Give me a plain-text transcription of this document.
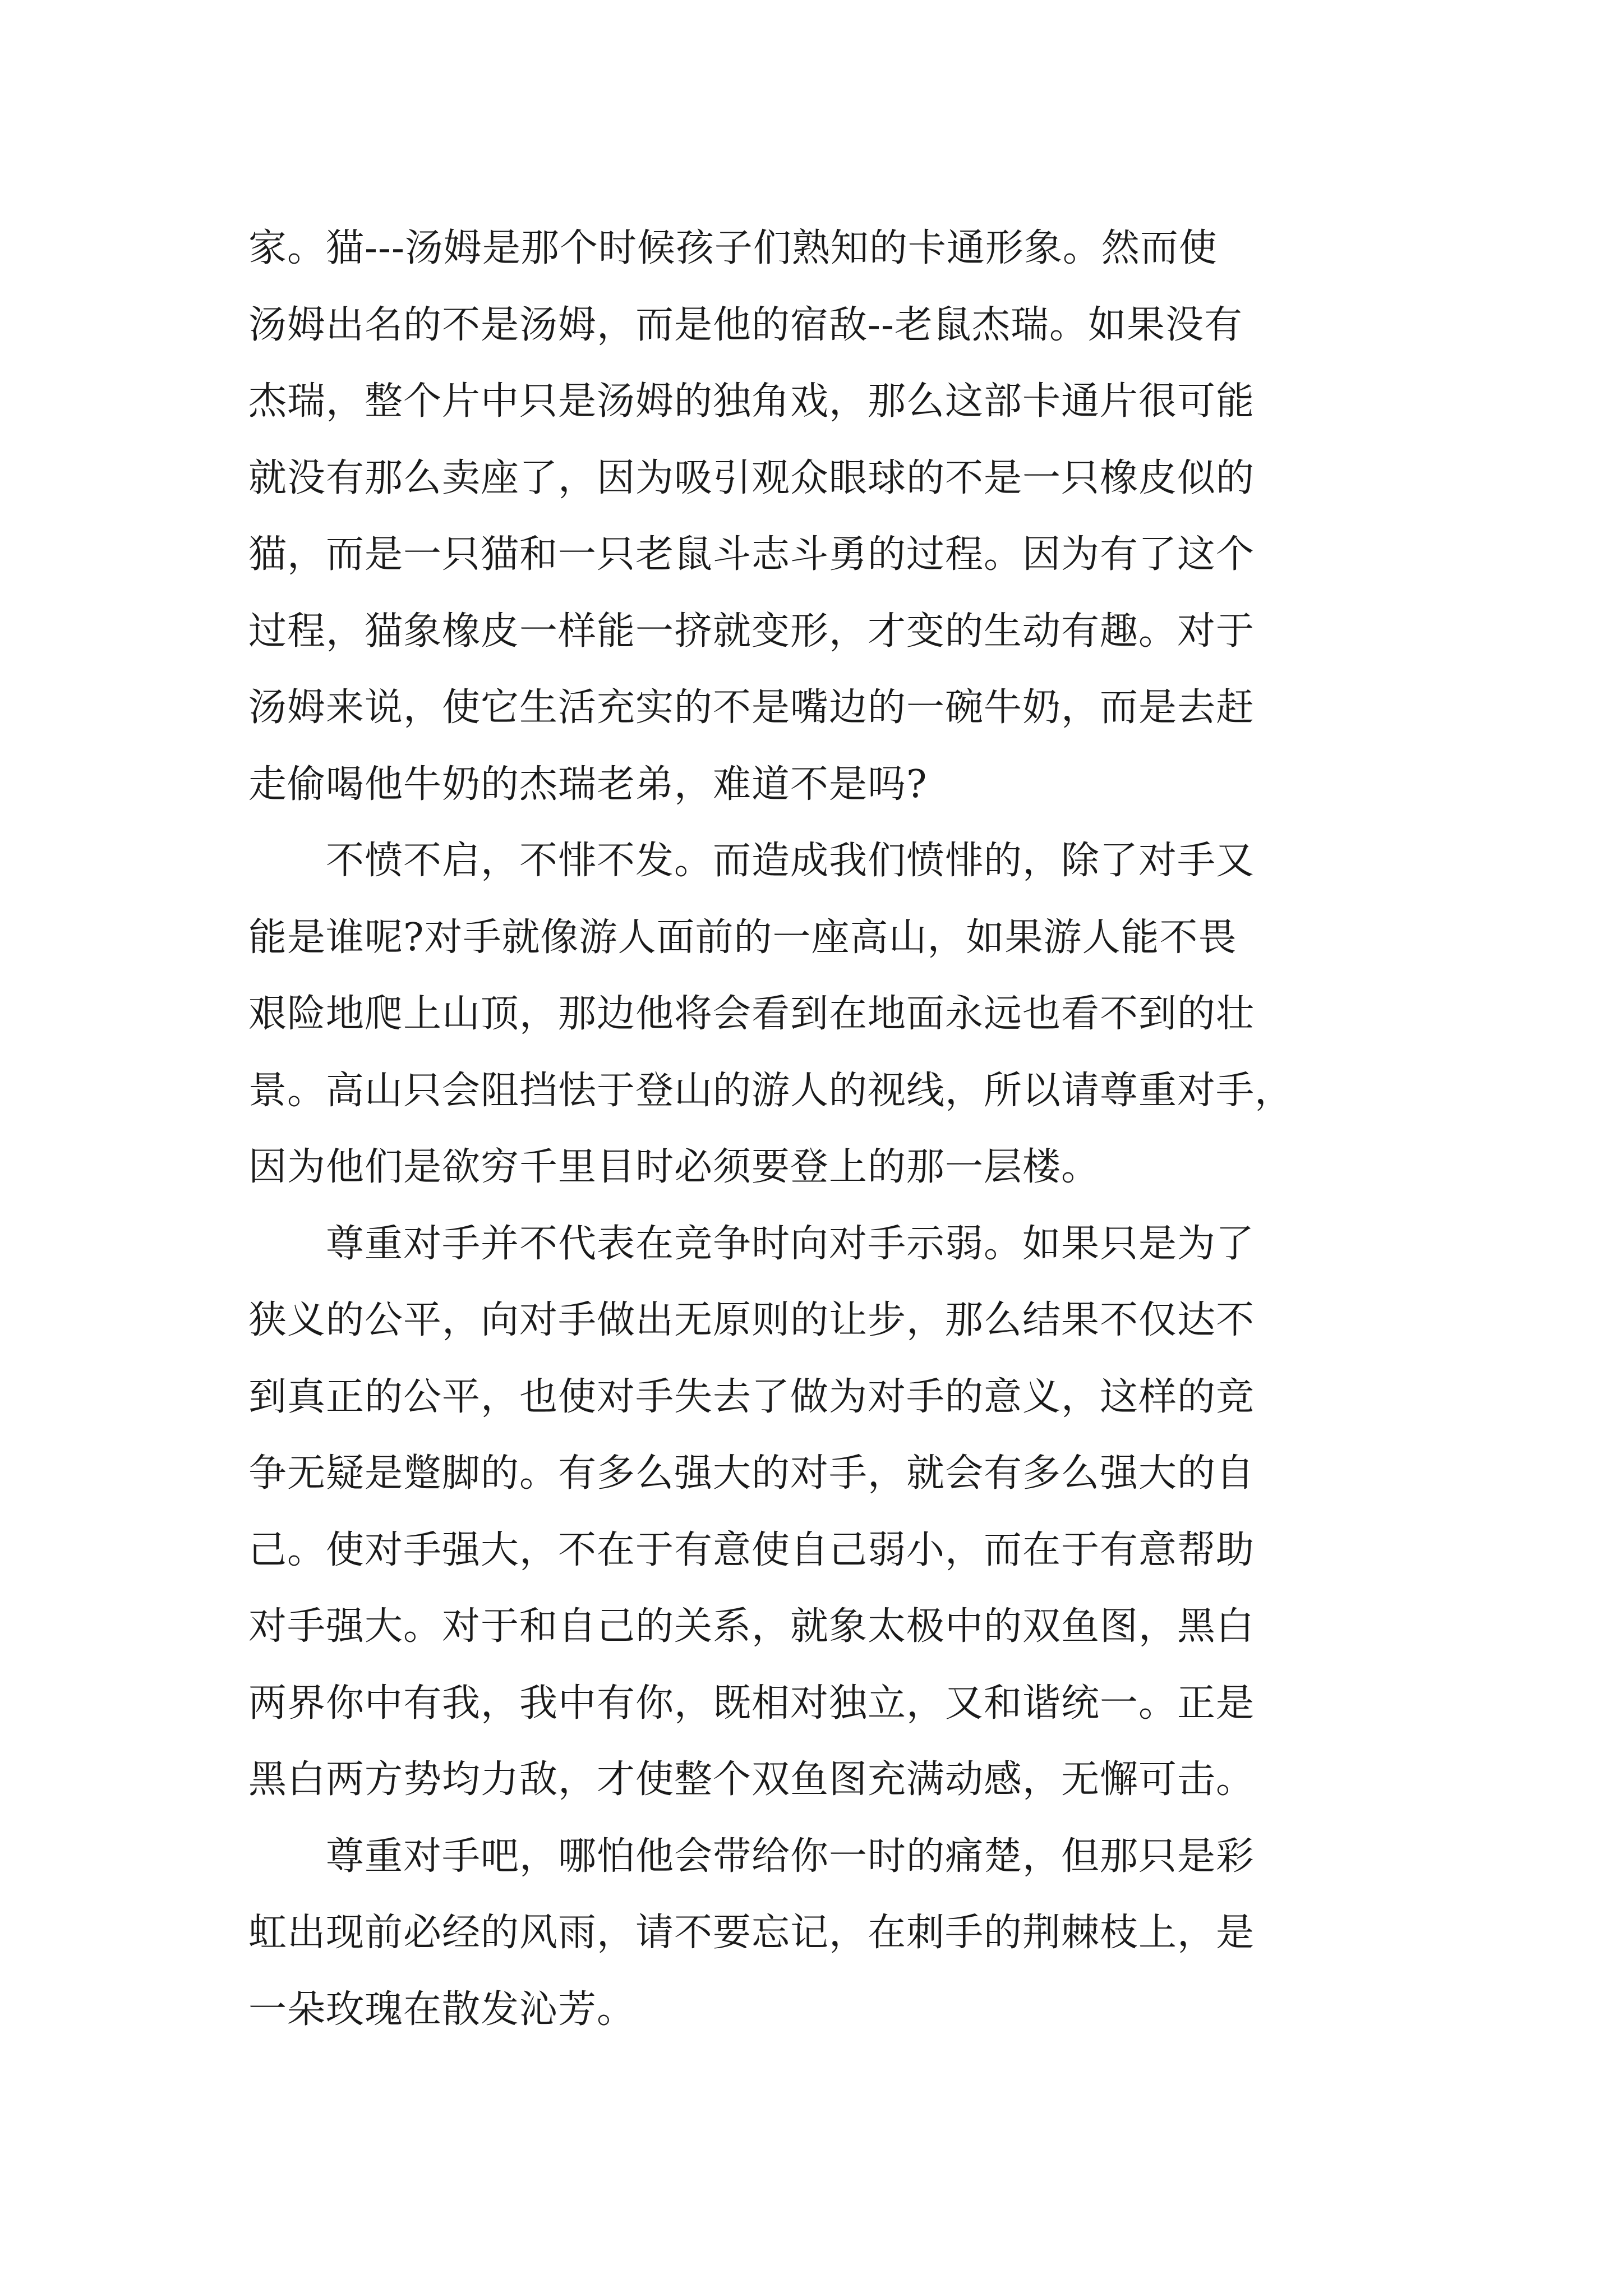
家。猫---汤姆是那个时候孩子们熟知的卡通形象。然而使
汤姆出名的不是汤姆，而是他的宿敌--老鼠杰瑞。如果没有
杰瑞，整个片中只是汤姆的独角戏，那么这部卡通片很可能
就没有那么卖座了，因为吸引观众眼球的不是一只橡皮似的
猫，而是一只猫和一只老鼠斗志斗勇的过程。因为有了这个
过程，猫象橡皮一样能一挤就变形，才变的生动有趣。对于
汤姆来说，使它生活充实的不是嘴边的一碗牛奶，而是去赶
走偷喝他牛奶的杰瑞老弟，难道不是吗?
　　不愤不启，不悱不发。而造成我们愤悱的，除了对手又
能是谁呢?对手就像游人面前的一座高山，如果游人能不畏
艰险地爬上山顶，那边他将会看到在地面永远也看不到的壮
景。高山只会阻挡怯于登山的游人的视线，所以请尊重对手，
因为他们是欲穷千里目时必须要登上的那一层楼。
　　尊重对手并不代表在竞争时向对手示弱。如果只是为了
狭义的公平，向对手做出无原则的让步，那么结果不仅达不
到真正的公平，也使对手失去了做为对手的意义，这样的竞
争无疑是蹩脚的。有多么强大的对手，就会有多么强大的自
己。使对手强大，不在于有意使自己弱小，而在于有意帮助
对手强大。对于和自己的关系，就象太极中的双鱼图，黑白
两界你中有我，我中有你，既相对独立，又和谐统一。正是
黑白两方势均力敌，才使整个双鱼图充满动感，无懈可击。
　　尊重对手吧，哪怕他会带给你一时的痛楚，但那只是彩
虹出现前必经的风雨，请不要忘记，在刺手的荆棘枝上，是
一朵玫瑰在散发沁芳。
